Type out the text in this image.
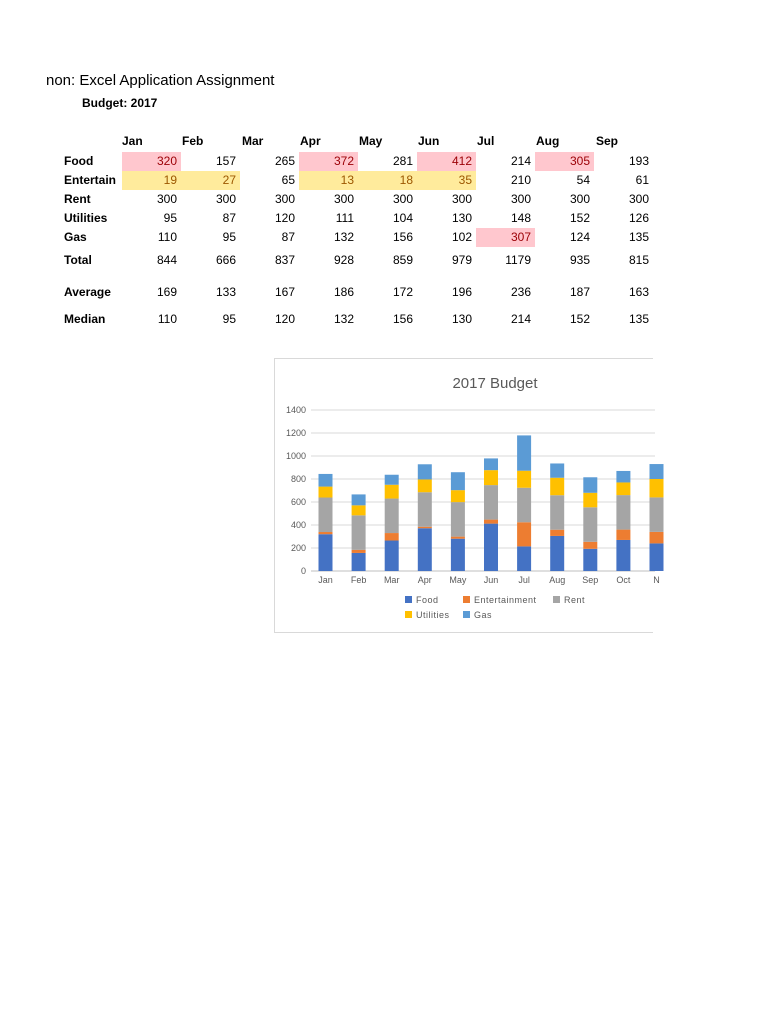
non: Excel Application Assignment
Budget: 2017
Jan	Feb	Mar	Apr	May	Jun	Jul	Aug	Sep
Food	320	157	265	372	281	412	214	305	193
Entertain	19	27	65	13	18	35	210	54	61
Rent	300	300	300	300	300	300	300	300	300
Utilities	95	87	120	111	104	130	148	152	126
Gas	110	95	87	132	156	102	307	124	135
Total	844	666	837	928	859	979	1179	935	815
Average	169	133	167	186	172	196	236	187	163
Median	110	95	120	132	156	130	214	152	135
2017 Budget
0
200
400
600
800
1000
1200
1400
Jan Feb Mar Apr May Jun Jul Aug Sep Oct	N
Food	Entertainment	Rent
Utilities	Gas
